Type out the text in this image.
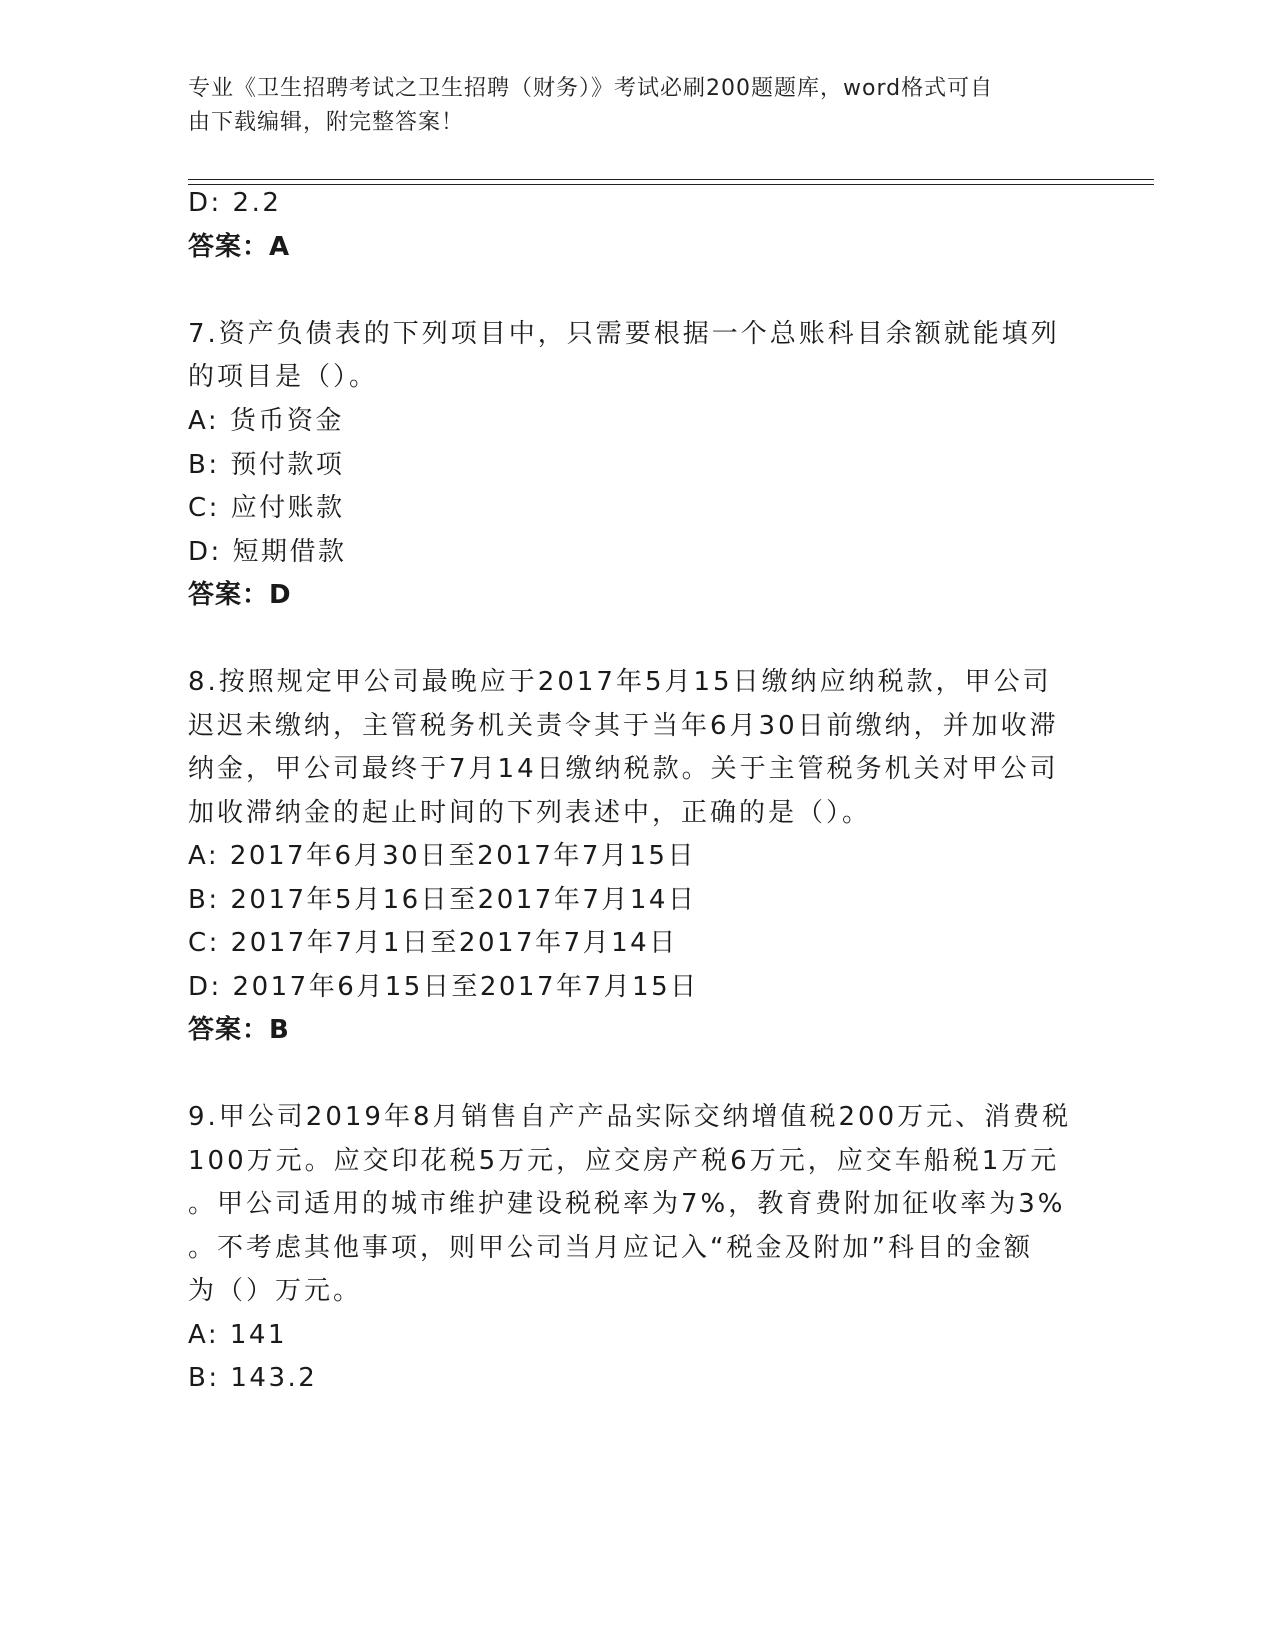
专业《卫生招聘考试之卫生招聘（财务）》考试必刷200题题库，word格式可自
由下载编辑，附完整答案！
D: 2.2
答案：A
7.资产负债表的下列项目中，只需要根据一个总账科目余额就能填列
的项目是（）。
A: 货币资金
B: 预付款项
C: 应付账款
D: 短期借款
答案：D
8.按照规定甲公司最晚应于2017年5月15日缴纳应纳税款，甲公司
迟迟未缴纳，主管税务机关责令其于当年6月30日前缴纳，并加收滞
纳金，甲公司最终于7月14日缴纳税款。关于主管税务机关对甲公司
加收滞纳金的起止时间的下列表述中，正确的是（）。
A: 2017年6月30日至2017年7月15日
B: 2017年5月16日至2017年7月14日
C: 2017年7月1日至2017年7月14日
D: 2017年6月15日至2017年7月15日
答案：B
9.甲公司2019年8月销售自产产品实际交纳增值税200万元、消费税
100万元。应交印花税5万元，应交房产税6万元，应交车船税1万元
。甲公司适用的城市维护建设税税率为7%，教育费附加征收率为3%
。不考虑其他事项，则甲公司当月应记入“税金及附加”科目的金额
为（）万元。
A: 141
B: 143.2
